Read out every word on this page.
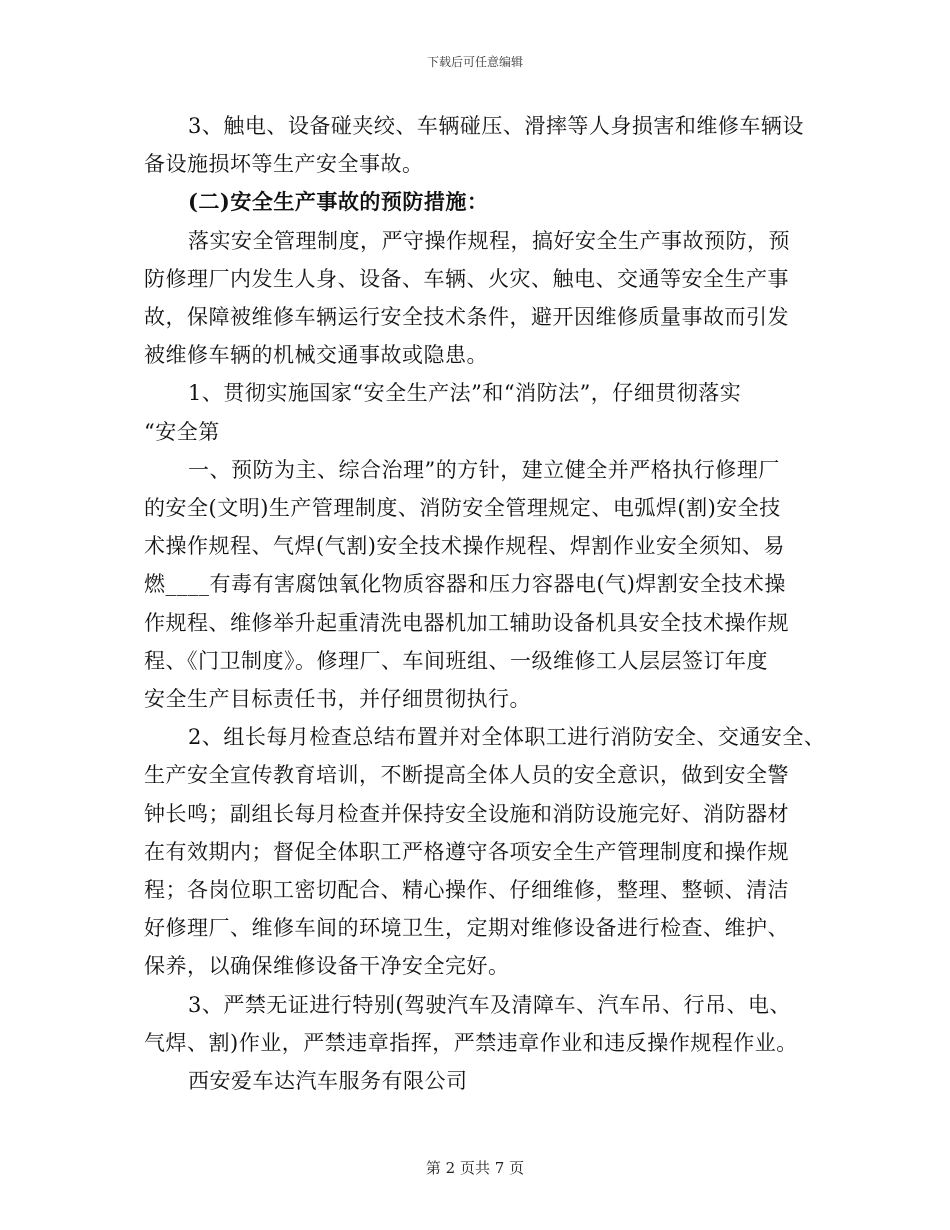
下载后可任意编辑
3、触电、设备碰夹绞、车辆碰压、滑摔等人身损害和维修车辆设
备设施损坏等生产安全事故。
(二)安全生产事故的预防措施：
落实安全管理制度，严守操作规程，搞好安全生产事故预防，预
防修理厂内发生人身、设备、车辆、火灾、触电、交通等安全生产事
故，保障被维修车辆运行安全技术条件，避开因维修质量事故而引发
被维修车辆的机械交通事故或隐患。
1、贯彻实施国家“安全生产法”和“消防法”，仔细贯彻落实
“安全第
一、预防为主、综合治理”的方针，建立健全并严格执行修理厂
的安全(文明)生产管理制度、消防安全管理规定、电弧焊(割)安全技
术操作规程、气焊(气割)安全技术操作规程、焊割作业安全须知、易
燃____有毒有害腐蚀氧化物质容器和压力容器电(气)焊割安全技术操
作规程、维修举升起重清洗电器机加工辅助设备机具安全技术操作规
程、《门卫制度》。修理厂、车间班组、一级维修工人层层签订年度
安全生产目标责任书，并仔细贯彻执行。
2、组长每月检查总结布置并对全体职工进行消防安全、交通安全、
生产安全宣传教育培训，不断提高全体人员的安全意识，做到安全警
钟长鸣；副组长每月检查并保持安全设施和消防设施完好、消防器材
在有效期内；督促全体职工严格遵守各项安全生产管理制度和操作规
程；各岗位职工密切配合、精心操作、仔细维修，整理、整顿、清洁
好修理厂、维修车间的环境卫生，定期对维修设备进行检查、维护、
保养，以确保维修设备干净安全完好。
3、严禁无证进行特别(驾驶汽车及清障车、汽车吊、行吊、电、
气焊、割)作业，严禁违章指挥，严禁违章作业和违反操作规程作业。
西安爱车达汽车服务有限公司
第 2 页共 7 页
